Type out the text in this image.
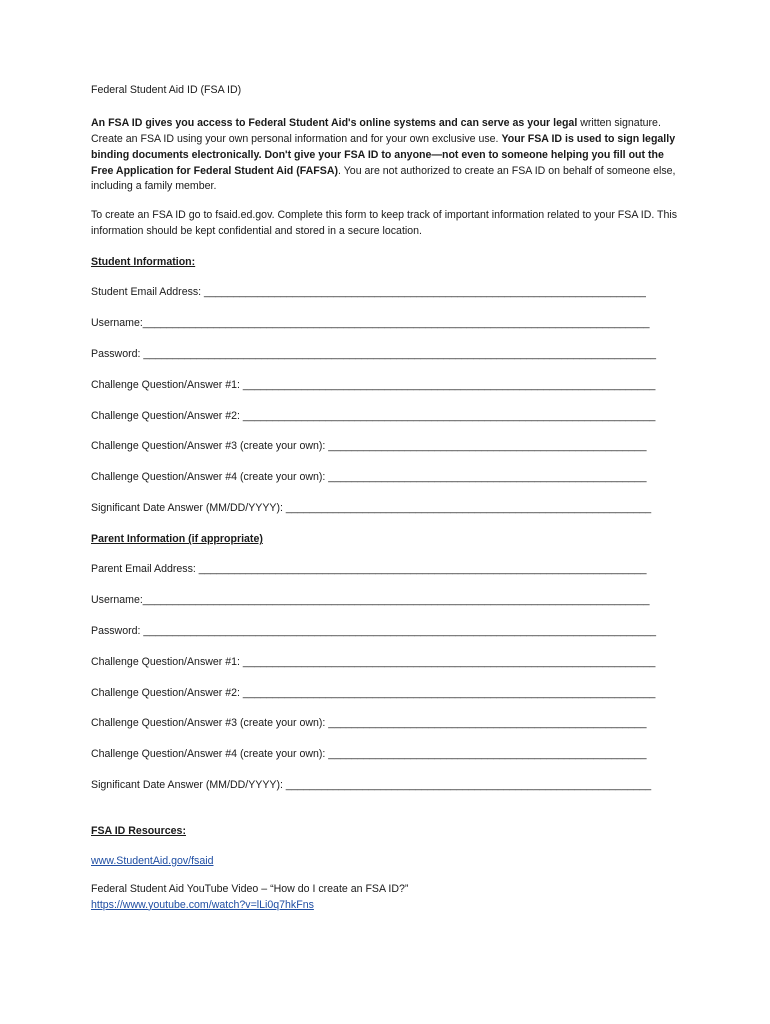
Federal Student Aid ID (FSA ID)

An FSA ID gives you access to Federal Student Aid's online systems and can serve as your legal written signature. Create an FSA ID using your own personal information and for your own exclusive use. Your FSA ID is used to sign legally binding documents electronically. Don't give your FSA ID to anyone—not even to someone helping you fill out the Free Application for Federal Student Aid (FAFSA). You are not authorized to create an FSA ID on behalf of someone else, including a family member.

To create an FSA ID go to fsaid.ed.gov. Complete this form to keep track of important information related to your FSA ID. This information should be kept confidential and stored in a secure location.

Student Information:

Student Email Address: ___________________________________________________________________________

Username:______________________________________________________________________________________

Password: _______________________________________________________________________________________

Challenge Question/Answer #1: ______________________________________________________________________

Challenge Question/Answer #2: ______________________________________________________________________

Challenge Question/Answer #3 (create your own): ______________________________________________________

Challenge Question/Answer #4 (create your own): ______________________________________________________

Significant Date Answer (MM/DD/YYYY): ______________________________________________________________

Parent Information (if appropriate)

Parent Email Address: ____________________________________________________________________________

Username:______________________________________________________________________________________

Password: _______________________________________________________________________________________

Challenge Question/Answer #1: ______________________________________________________________________

Challenge Question/Answer #2: ______________________________________________________________________

Challenge Question/Answer #3 (create your own): ______________________________________________________

Challenge Question/Answer #4 (create your own): ______________________________________________________

Significant Date Answer (MM/DD/YYYY): ______________________________________________________________

FSA ID Resources:

www.StudentAid.gov/fsaid

Federal Student Aid YouTube Video – “How do I create an FSA ID?”

https://www.youtube.com/watch?v=lLi0q7hkFns
